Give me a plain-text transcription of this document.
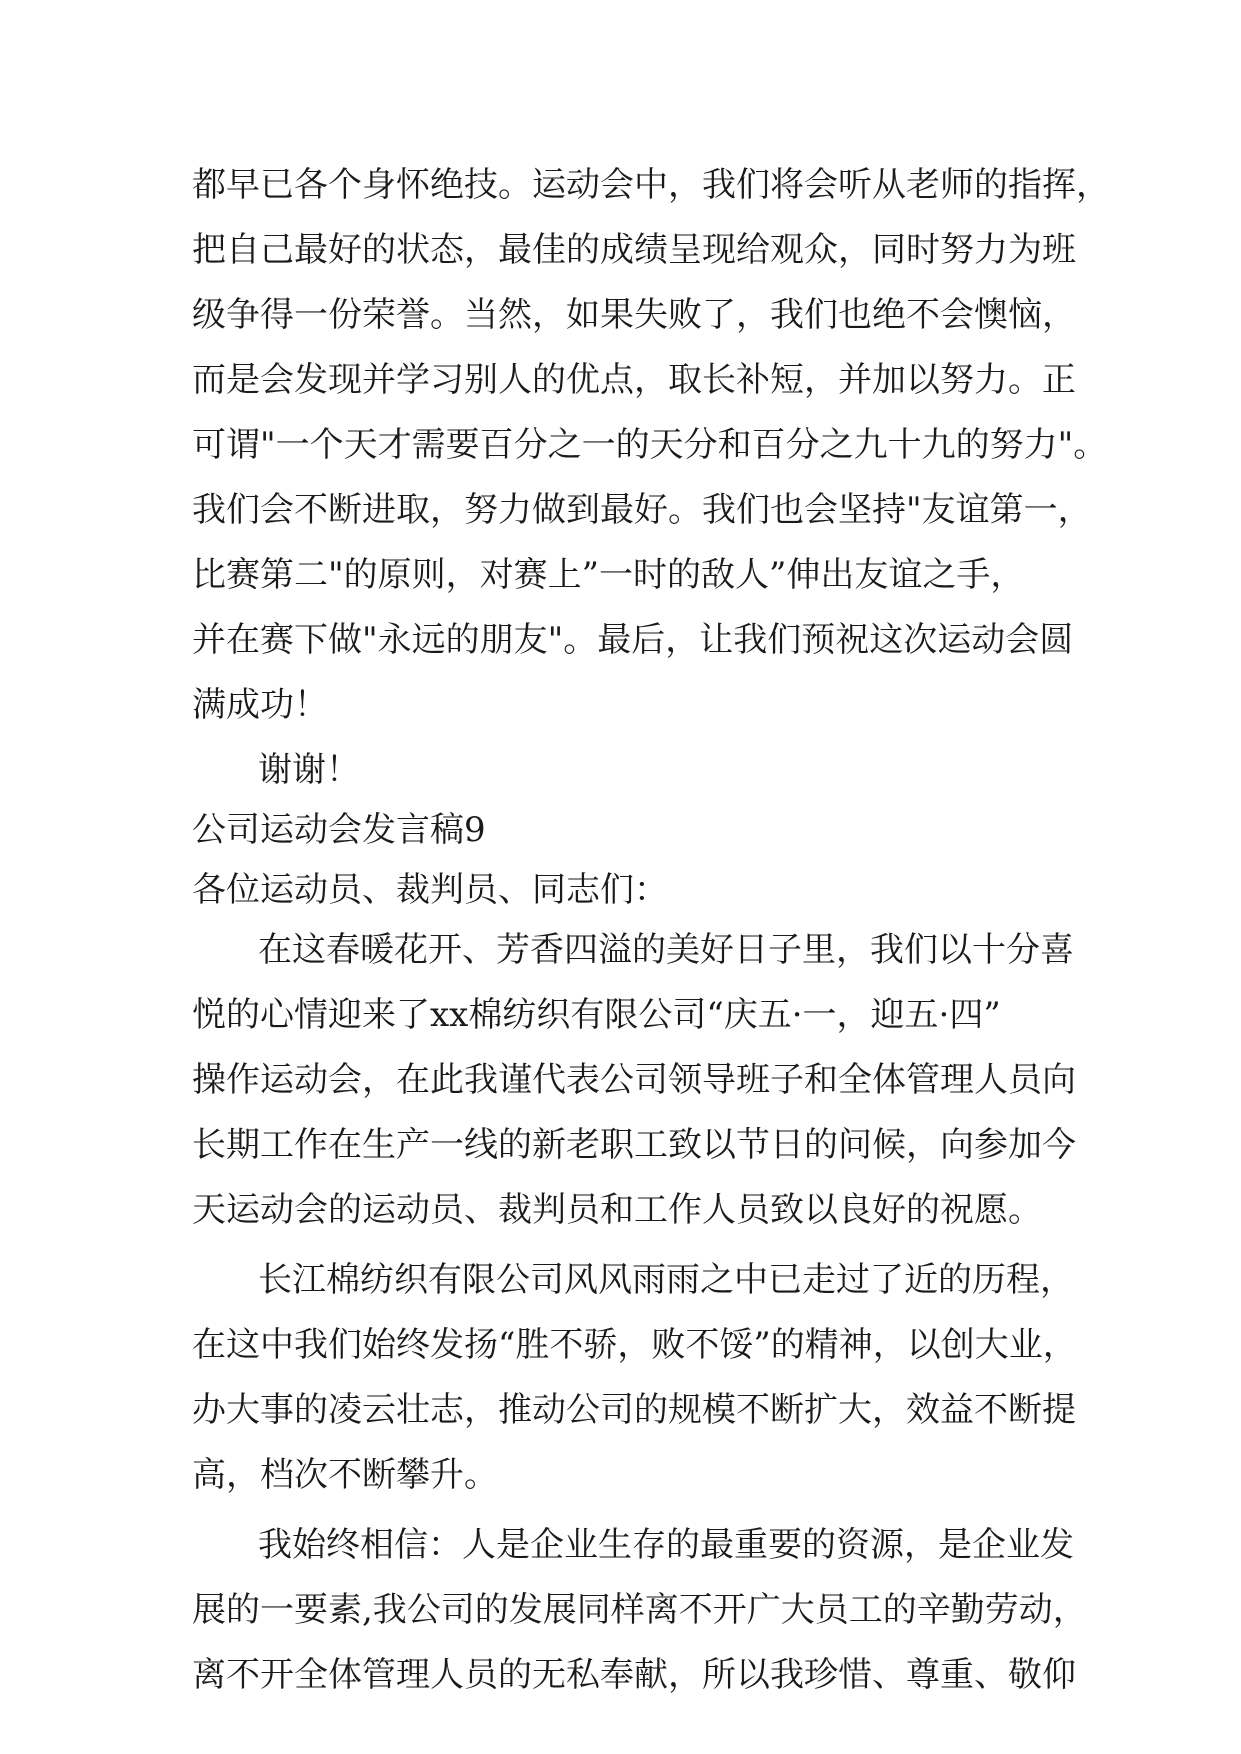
都早已各个身怀绝技。运动会中，我们将会听从老师的指挥，
把自己最好的状态，最佳的成绩呈现给观众，同时努力为班
级争得一份荣誉。当然，如果失败了，我们也绝不会懊恼，
而是会发现并学习别人的优点，取长补短，并加以努力。正
可谓"一个天才需要百分之一的天分和百分之九十九的努力"。
我们会不断进取，努力做到最好。我们也会坚持"友谊第一，
比赛第二"的原则，对赛上”一时的敌人”伸出友谊之手，
并在赛下做"永远的朋友"。最后，让我们预祝这次运动会圆
满成功！
谢谢！
公司运动会发言稿9
各位运动员、裁判员、同志们：
在这春暖花开、芳香四溢的美好日子里，我们以十分喜
悦的心情迎来了xx棉纺织有限公司“庆五·一，迎五·四”
操作运动会，在此我谨代表公司领导班子和全体管理人员向
长期工作在生产一线的新老职工致以节日的问候，向参加今
天运动会的运动员、裁判员和工作人员致以良好的祝愿。
长江棉纺织有限公司风风雨雨之中已走过了近的历程，
在这中我们始终发扬“胜不骄，败不馁”的精神，以创大业，
办大事的凌云壮志，推动公司的规模不断扩大，效益不断提
高，档次不断攀升。
我始终相信：人是企业生存的最重要的资源，是企业发
展的一要素,我公司的发展同样离不开广大员工的辛勤劳动，
离不开全体管理人员的无私奉献，所以我珍惜、尊重、敬仰
